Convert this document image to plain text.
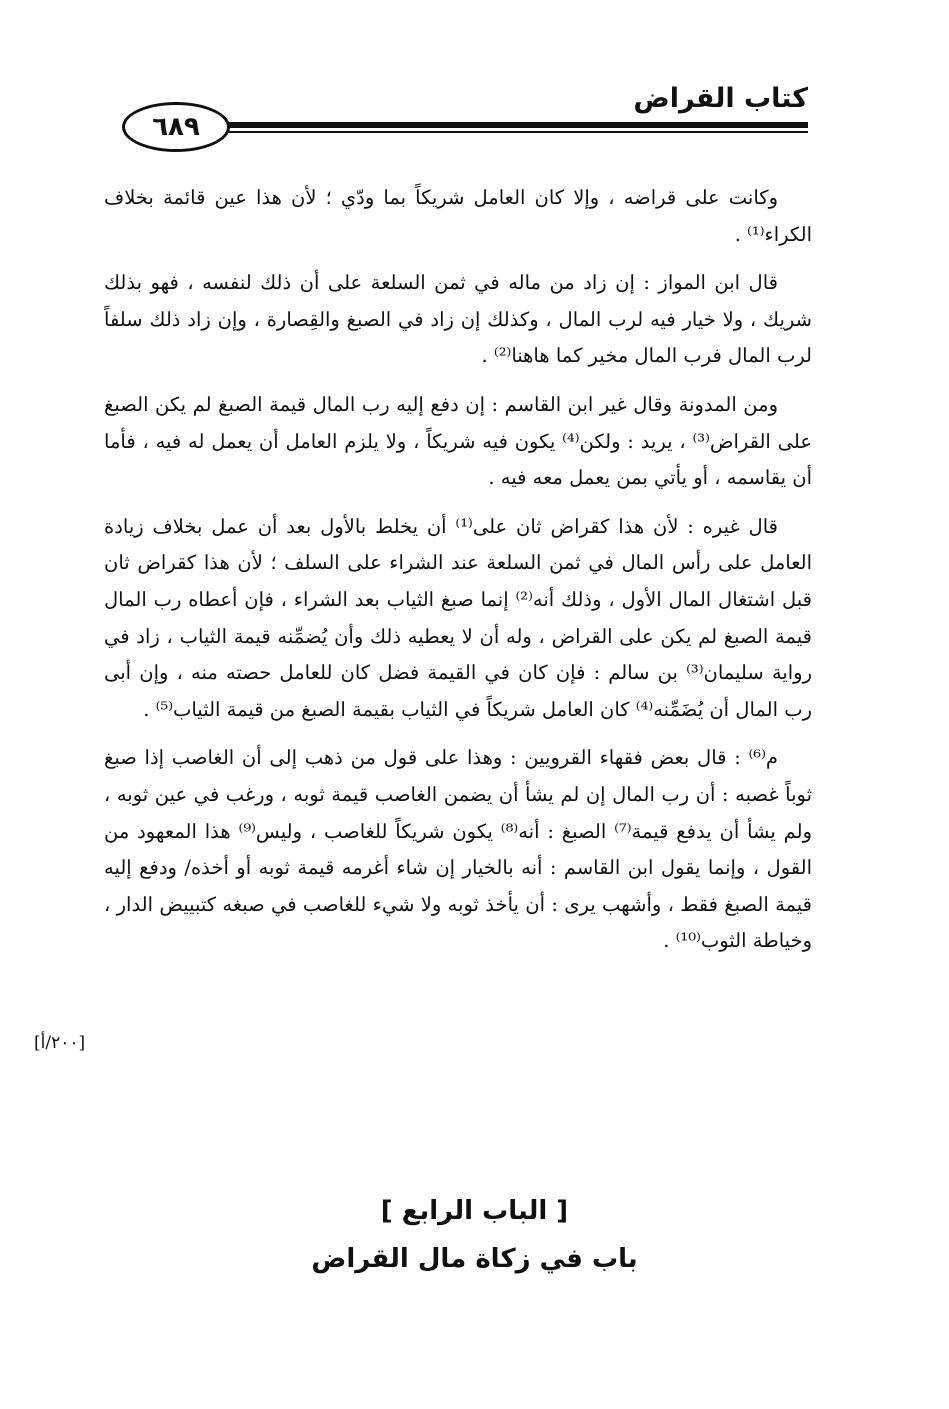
كتاب القراض
٦٨٩

وكانت على قراضه ، وإلا كان العامل شريكاً بما ودّي ؛ لأن هذا عين قائمة بخلاف الكراء⁽¹⁾ .

قال ابن المواز : إن زاد من ماله في ثمن السلعة على أن ذلك لنفسه ، فهو بذلك شريك ، ولا خيار فيه لرب المال ، وكذلك إن زاد في الصبغ والقِصارة ، وإن زاد ذلك سلفاً لرب المال فرب المال مخير كما هاهنا⁽²⁾ .

ومن المدونة وقال غير ابن القاسم : إن دفع إليه رب المال قيمة الصبغ لم يكن الصبغ على القراض⁽³⁾ ، يريد : ولكن⁽⁴⁾ يكون فيه شريكاً ، ولا يلزم العامل أن يعمل له فيه ، فأما أن يقاسمه ، أو يأتي بمن يعمل معه فيه .

قال غيره : لأن هذا كقراض ثان على⁽¹⁾ أن يخلط بالأول بعد أن عمل بخلاف زيادة العامل على رأس المال في ثمن السلعة عند الشراء على السلف ؛ لأن هذا كقراض ثان قبل اشتغال المال الأول ، وذلك أنه⁽²⁾ إنما صبغ الثياب بعد الشراء ، فإن أعطاه رب المال قيمة الصبغ لم يكن على القراض ، وله أن لا يعطيه ذلك وأن يُضمِّنه قيمة الثياب ، زاد في رواية سليمان⁽³⁾ بن سالم : فإن كان في القيمة فضل كان للعامل حصته منه ، وإن أبى رب المال أن يُضَمِّنه⁽⁴⁾ كان العامل شريكاً في الثياب بقيمة الصبغ من قيمة الثياب⁽⁵⁾ .

م⁽⁶⁾ : قال بعض فقهاء القرويين : وهذا على قول من ذهب إلى أن الغاصب إذا صبغ ثوباً غصبه : أن رب المال إن لم يشأ أن يضمن الغاصب قيمة ثوبه ، ورغب في عين ثوبه ، ولم يشأ أن يدفع قيمة⁽⁷⁾ الصبغ : أنه⁽⁸⁾ يكون شريكاً للغاصب ، وليس⁽⁹⁾ هذا المعهود من القول ، وإنما يقول ابن القاسم : أنه بالخيار إن شاء أغرمه قيمة ثوبه أو أخذه/ ودفع إليه قيمة الصبغ فقط ، وأشهب يرى : أن يأخذ ثوبه ولا شيء للغاصب في صبغه كتبييض الدار ، وخياطة الثوب⁽¹⁰⁾ .

[٢٠٠/أ]
[ الباب الرابع ]
باب في زكاة مال القراض
